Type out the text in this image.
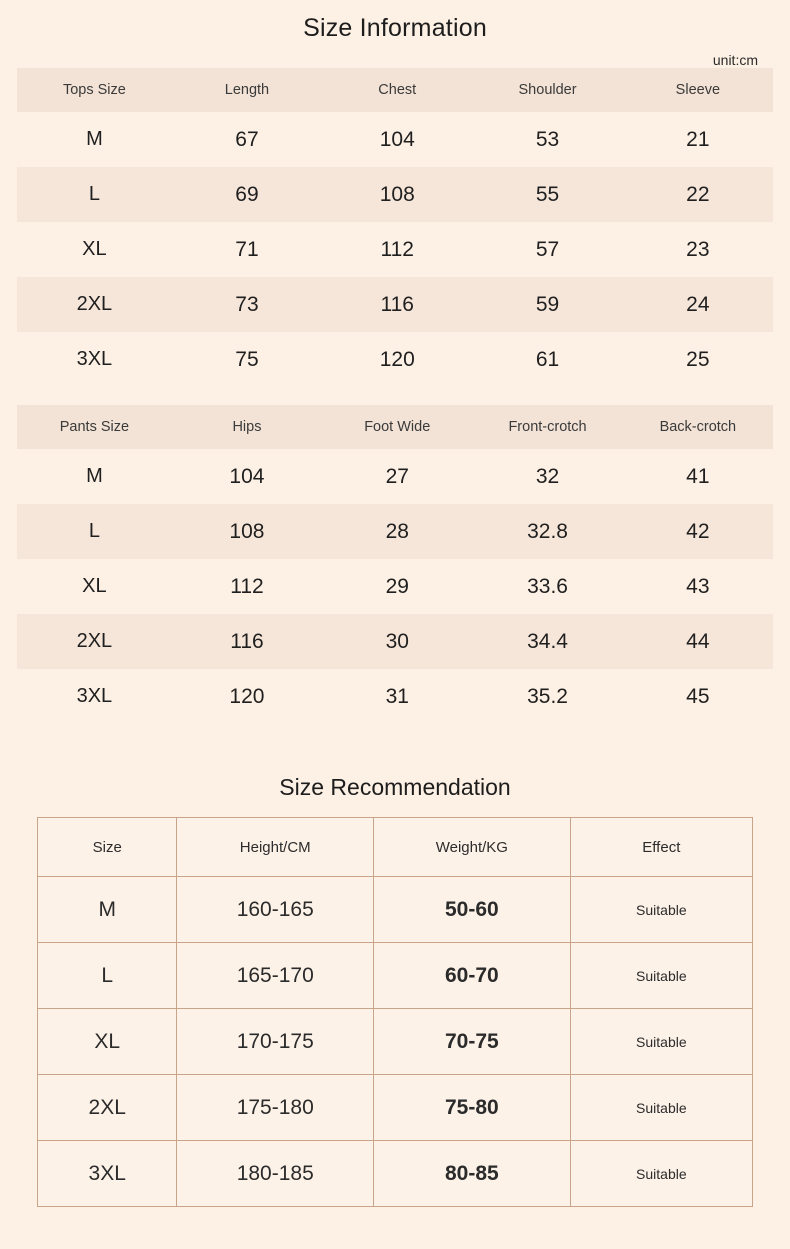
Size Information
unit:cm
Tops Size	Length	Chest	Shoulder	Sleeve
M	67	104	53	21
L	69	108	55	22
XL	71	112	57	23
2XL	73	116	59	24
3XL	75	120	61	25
Pants Size	Hips	Foot Wide	Front-crotch	Back-crotch
M	104	27	32	41
L	108	28	32.8	42
XL	112	29	33.6	43
2XL	116	30	34.4	44
3XL	120	31	35.2	45
Size Recommendation
Size	Height/CM	Weight/KG	Effect
M	160-165	50-60	Suitable
L	165-170	60-70	Suitable
XL	170-175	70-75	Suitable
2XL	175-180	75-80	Suitable
3XL	180-185	80-85	Suitable
